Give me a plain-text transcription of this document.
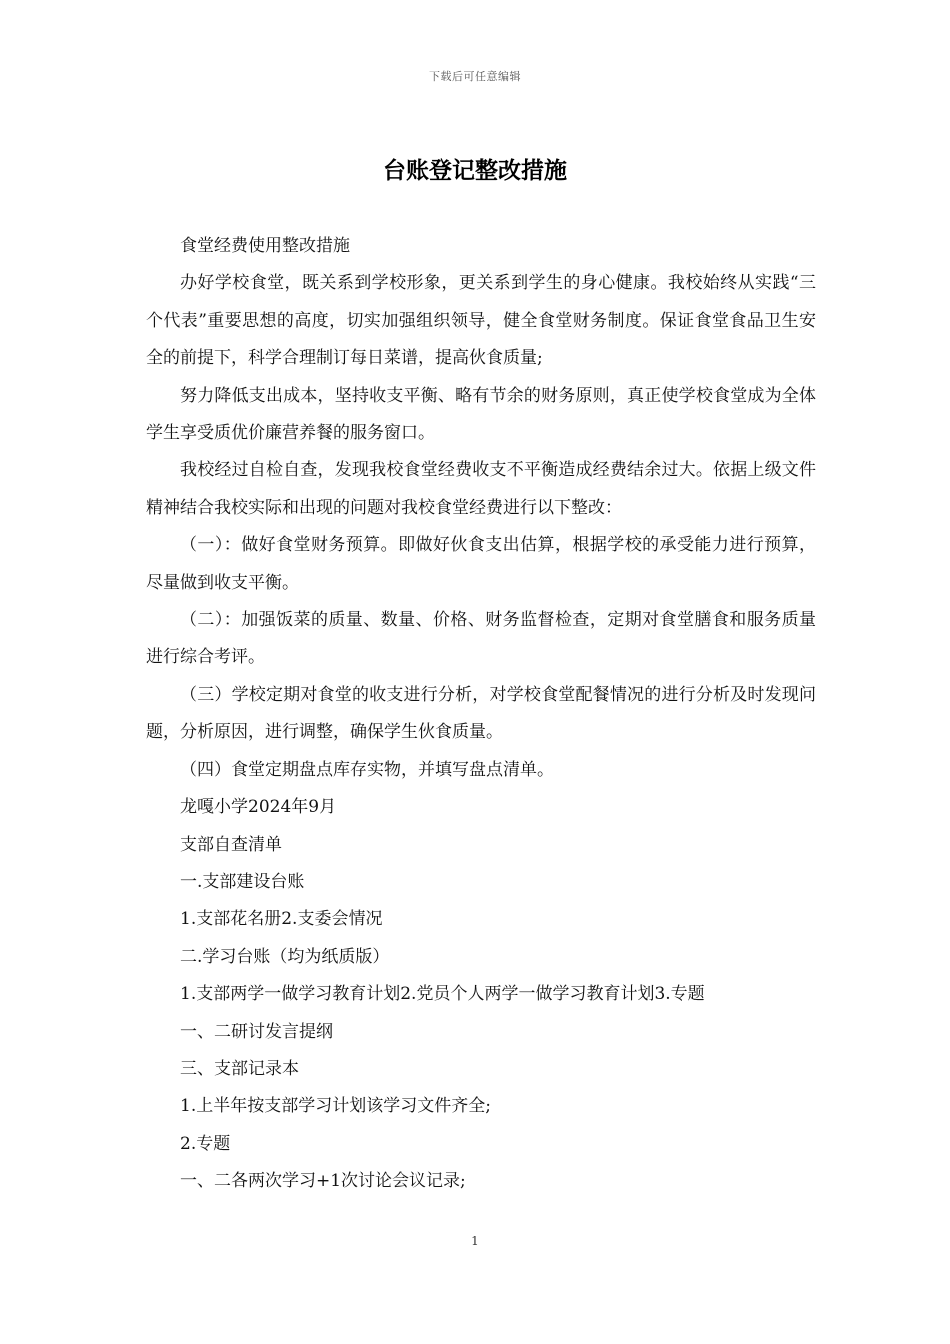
下载后可任意编辑
台账登记整改措施

食堂经费使用整改措施

办好学校食堂，既关系到学校形象，更关系到学生的身心健康。我校始终从实践“三个代表”重要思想的高度，切实加强组织领导，健全食堂财务制度。保证食堂食品卫生安全的前提下，科学合理制订每日菜谱，提高伙食质量;

努力降低支出成本，坚持收支平衡、略有节余的财务原则，真正使学校食堂成为全体学生享受质优价廉营养餐的服务窗口。

我校经过自检自查，发现我校食堂经费收支不平衡造成经费结余过大。依据上级文件精神结合我校实际和出现的问题对我校食堂经费进行以下整改：

（一）：做好食堂财务预算。即做好伙食支出估算，根据学校的承受能力进行预算，尽量做到收支平衡。

（二）：加强饭菜的质量、数量、价格、财务监督检查，定期对食堂膳食和服务质量进行综合考评。

（三）学校定期对食堂的收支进行分析，对学校食堂配餐情况的进行分析及时发现问题，分析原因，进行调整，确保学生伙食质量。

（四）食堂定期盘点库存实物，并填写盘点清单。

龙嘎小学2024年9月

支部自查清单

一.支部建设台账

1.支部花名册2.支委会情况

二.学习台账（均为纸质版）

1.支部两学一做学习教育计划2.党员个人两学一做学习教育计划3.专题

一、二研讨发言提纲

三、支部记录本

1.上半年按支部学习计划该学习文件齐全;

2.专题

一、二各两次学习+1次讨论会议记录;

1
